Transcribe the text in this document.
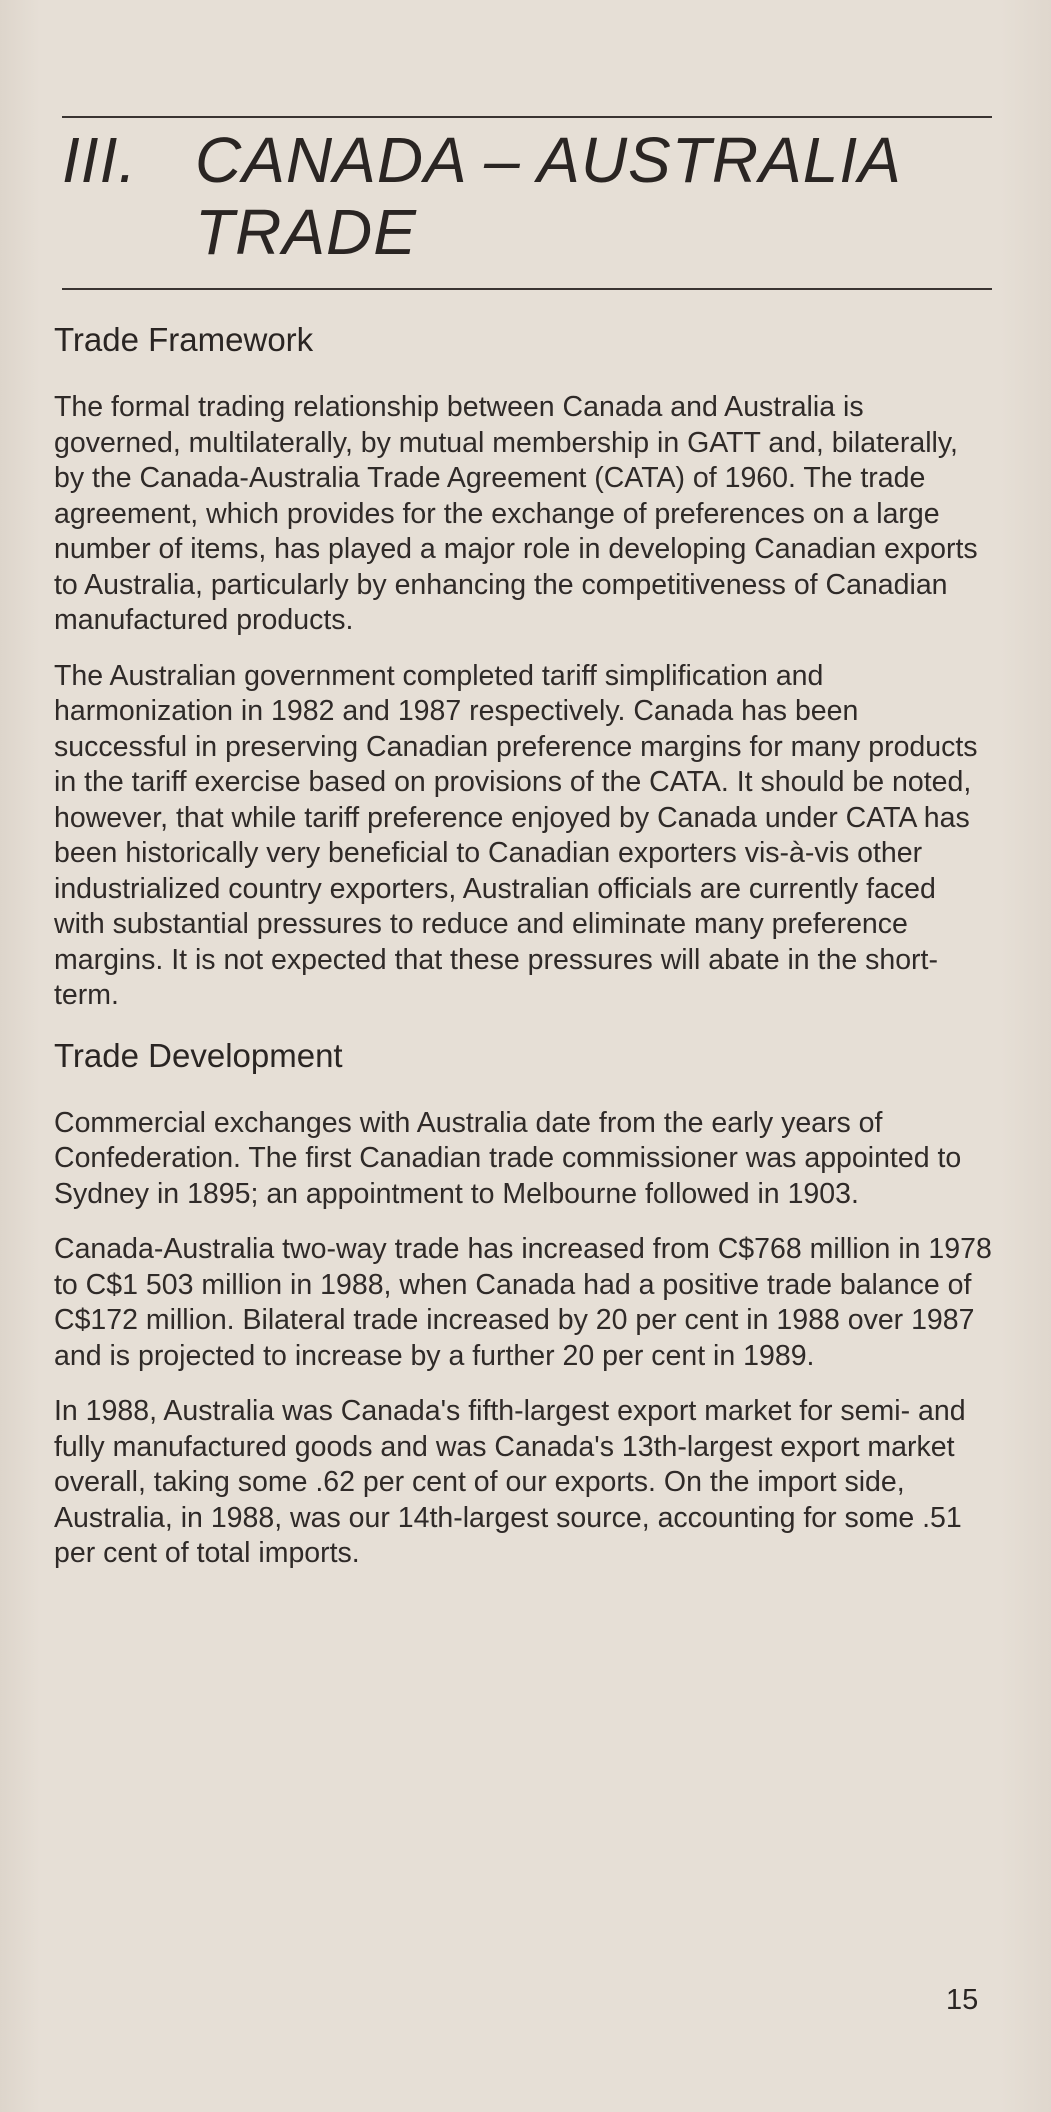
III. CANADA – AUSTRALIA TRADE
Trade Framework

The formal trading relationship between Canada and Australia is governed, multilaterally, by mutual membership in GATT and, bilaterally, by the Canada-Australia Trade Agreement (CATA) of 1960. The trade agreement, which provides for the exchange of preferences on a large number of items, has played a major role in developing Canadian exports to Australia, particularly by enhancing the competitiveness of Canadian manufactured products.

The Australian government completed tariff simplification and harmonization in 1982 and 1987 respectively. Canada has been successful in preserving Canadian preference margins for many products in the tariff exercise based on provisions of the CATA. It should be noted, however, that while tariff preference enjoyed by Canada under CATA has been historically very beneficial to Canadian exporters vis-à-vis other industrialized country exporters, Australian officials are currently faced with substantial pressures to reduce and eliminate many preference margins. It is not expected that these pressures will abate in the short-term.

Trade Development

Commercial exchanges with Australia date from the early years of Confederation. The first Canadian trade commissioner was appointed to Sydney in 1895; an appointment to Melbourne followed in 1903.

Canada-Australia two-way trade has increased from C$768 million in 1978 to C$1 503 million in 1988, when Canada had a positive trade balance of C$172 million. Bilateral trade increased by 20 per cent in 1988 over 1987 and is projected to increase by a further 20 per cent in 1989.

In 1988, Australia was Canada's fifth-largest export market for semi- and fully manufactured goods and was Canada's 13th-largest export market overall, taking some .62 per cent of our exports. On the import side, Australia, in 1988, was our 14th-largest source, accounting for some .51 per cent of total imports.

15
